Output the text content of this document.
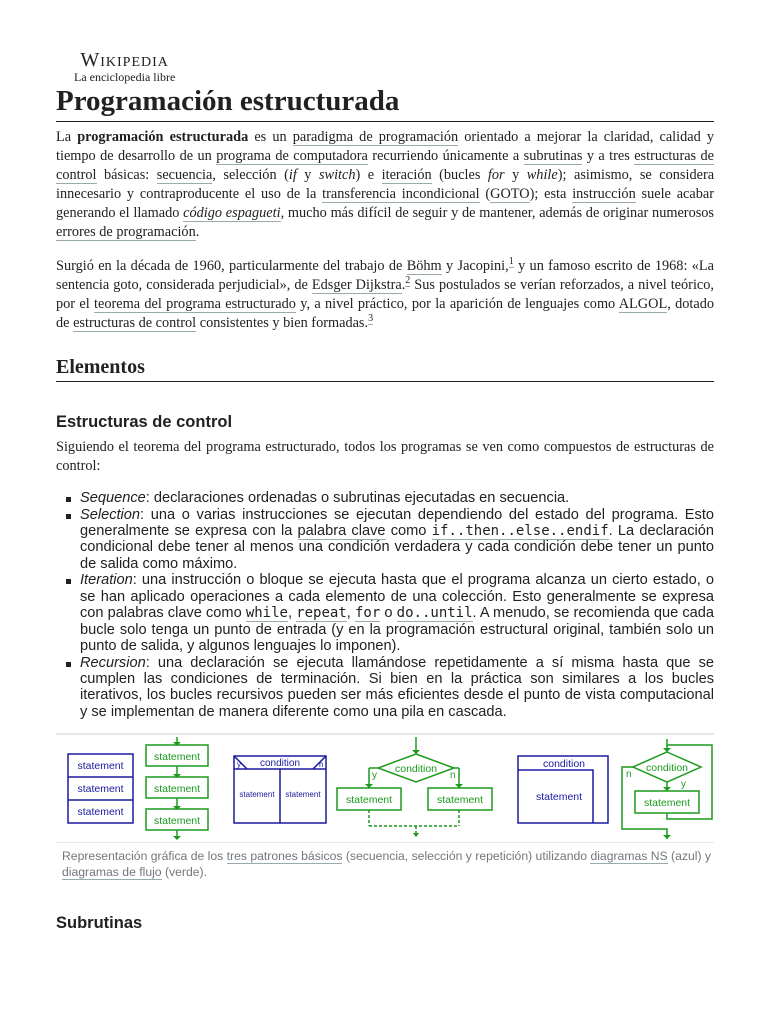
Wikipedia
La enciclopedia libre
Programación estructurada

La programación estructurada es un paradigma de programación orientado a mejorar la claridad, calidad y tiempo de desarrollo de un programa de computadora recurriendo únicamente a subrutinas y a tres estructuras de control básicas: secuencia, selección (if y switch) e iteración (bucles for y while); asimismo, se considera innecesario y contraproducente el uso de la transferencia incondicional (GOTO); esta instrucción suele acabar generando el llamado código espagueti, mucho más difícil de seguir y de mantener, además de originar numerosos errores de programación.

Surgió en la década de 1960, particularmente del trabajo de Böhm y Jacopini,$^1$ y un famoso escrito de 1968: «La sentencia goto, considerada perjudicial», de Edsger Dijkstra.$^2$ Sus postulados se verían reforzados, a nivel teórico, por el teorema del programa estructurado y, a nivel práctico, por la aparición de lenguajes como ALGOL, dotado de estructuras de control consistentes y bien formadas.$^3$

Elementos
Estructuras de control

Siguiendo el teorema del programa estructurado, todos los programas se ven como compuestos de estructuras de control:

Sequence: declaraciones ordenadas o subrutinas ejecutadas en secuencia.
Selection: una o varias instrucciones se ejecutan dependiendo del estado del programa. Esto generalmente se expresa con la palabra clave como if..then..else..endif. La declaración condicional debe tener al menos una condición verdadera y cada condición debe tener un punto de salida como máximo.
Iteration: una instrucción o bloque se ejecuta hasta que el programa alcanza un cierto estado, o se han aplicado operaciones a cada elemento de una colección. Esto generalmente se expresa con palabras clave como while, repeat, for o do..until. A menudo, se recomienda que cada bucle solo tenga un punto de entrada (y en la programación estructural original, también solo un punto de salida, y algunos lenguajes lo imponen).
Recursion: una declaración se ejecuta llamándose repetidamente a sí misma hasta que se cumplen las condiciones de terminación. Si bien en la práctica son similares a los bucles iterativos, los bucles recursivos pueden ser más eficientes desde el punto de vista computacional y se implementan de manera diferente como una pila en cascada.
statement
statement
statement
statement
statement
statement
condition
y	n
statement statement
condition
y	n
statement	statement
condition
statement
condition
n
y
statement
Representación gráfica de los tres patrones básicos (secuencia, selección y repetición) utilizando diagramas NS (azul) y diagramas de flujo (verde).
Subrutinas
